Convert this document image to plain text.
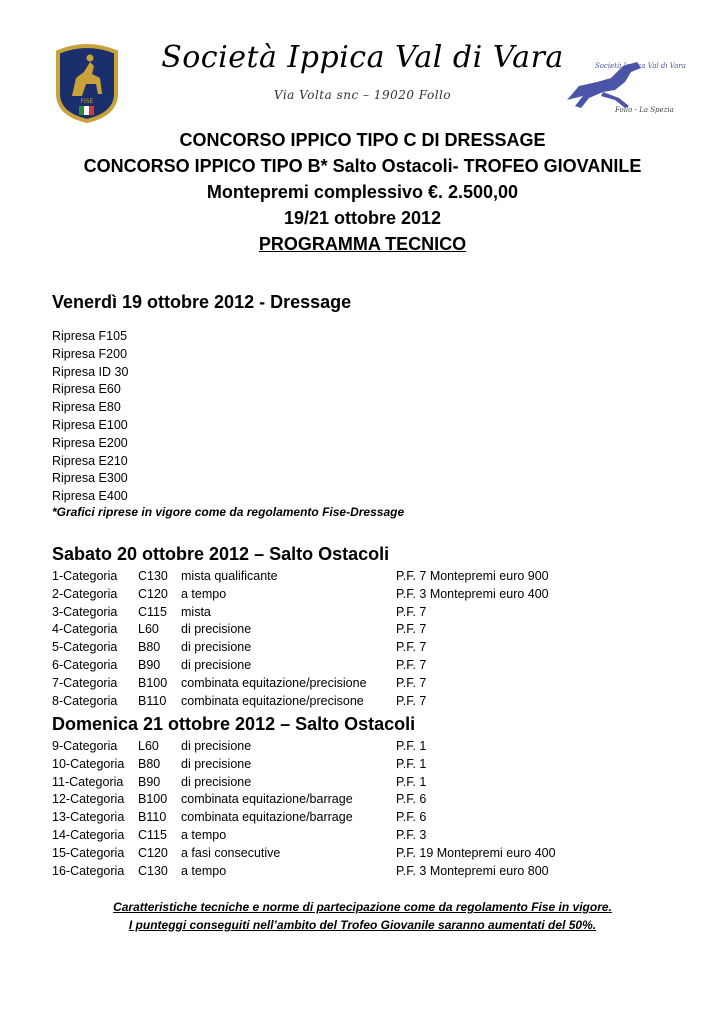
FISE
Società Ippica Val di Vara
Via Volta snc – 19020 Follo
Società Ippica Val di Vara
Follo - La Spezia
CONCORSO IPPICO TIPO C DI DRESSAGE
CONCORSO IPPICO TIPO B* Salto Ostacoli- TROFEO GIOVANILE
Montepremi complessivo €. 2.500,00
19/21 ottobre 2012
PROGRAMMA TECNICO
Venerdì 19 ottobre 2012 - Dressage
Ripresa F105
Ripresa F200
Ripresa ID 30
Ripresa E60
Ripresa E80
Ripresa E100
Ripresa E200
Ripresa E210
Ripresa E300
Ripresa E400
*Grafici riprese in vigore come da regolamento Fise-Dressage
Sabato 20 ottobre 2012 – Salto Ostacoli
1-Categoria C130 mista qualificante	P.F. 7 Montepremi euro 900
2-Categoria C120 a tempo	P.F. 3 Montepremi euro 400
3-Categoria C115 mista	P.F. 7
4-Categoria L60 di precisione	P.F. 7
5-Categoria B80 di precisione	P.F. 7
6-Categoria B90 di precisione	P.F. 7
7-Categoria B100 combinata equitazione/precisione P.F. 7
8-Categoria B110 combinata equitazione/precisone	P.F. 7
Domenica 21 ottobre 2012 – Salto Ostacoli
9-Categoria L60 di precisione	P.F. 1
10-Categoria B80 di precisione	P.F. 1
11-Categoria B90 di precisione	P.F. 1
12-Categoria B100 combinata equitazione/barrage	P.F. 6
13-Categoria B110 combinata equitazione/barrage	P.F. 6
14-Categoria C115 a tempo	P.F. 3
15-Categoria C120 a fasi consecutive	P.F. 19 Montepremi euro 400
16-Categoria C130 a tempo	P.F. 3 Montepremi euro 800
Caratteristiche tecniche e norme di partecipazione come da regolamento Fise in vigore.
I punteggi conseguiti nell’ambito del Trofeo Giovanile saranno aumentati del 50%.
